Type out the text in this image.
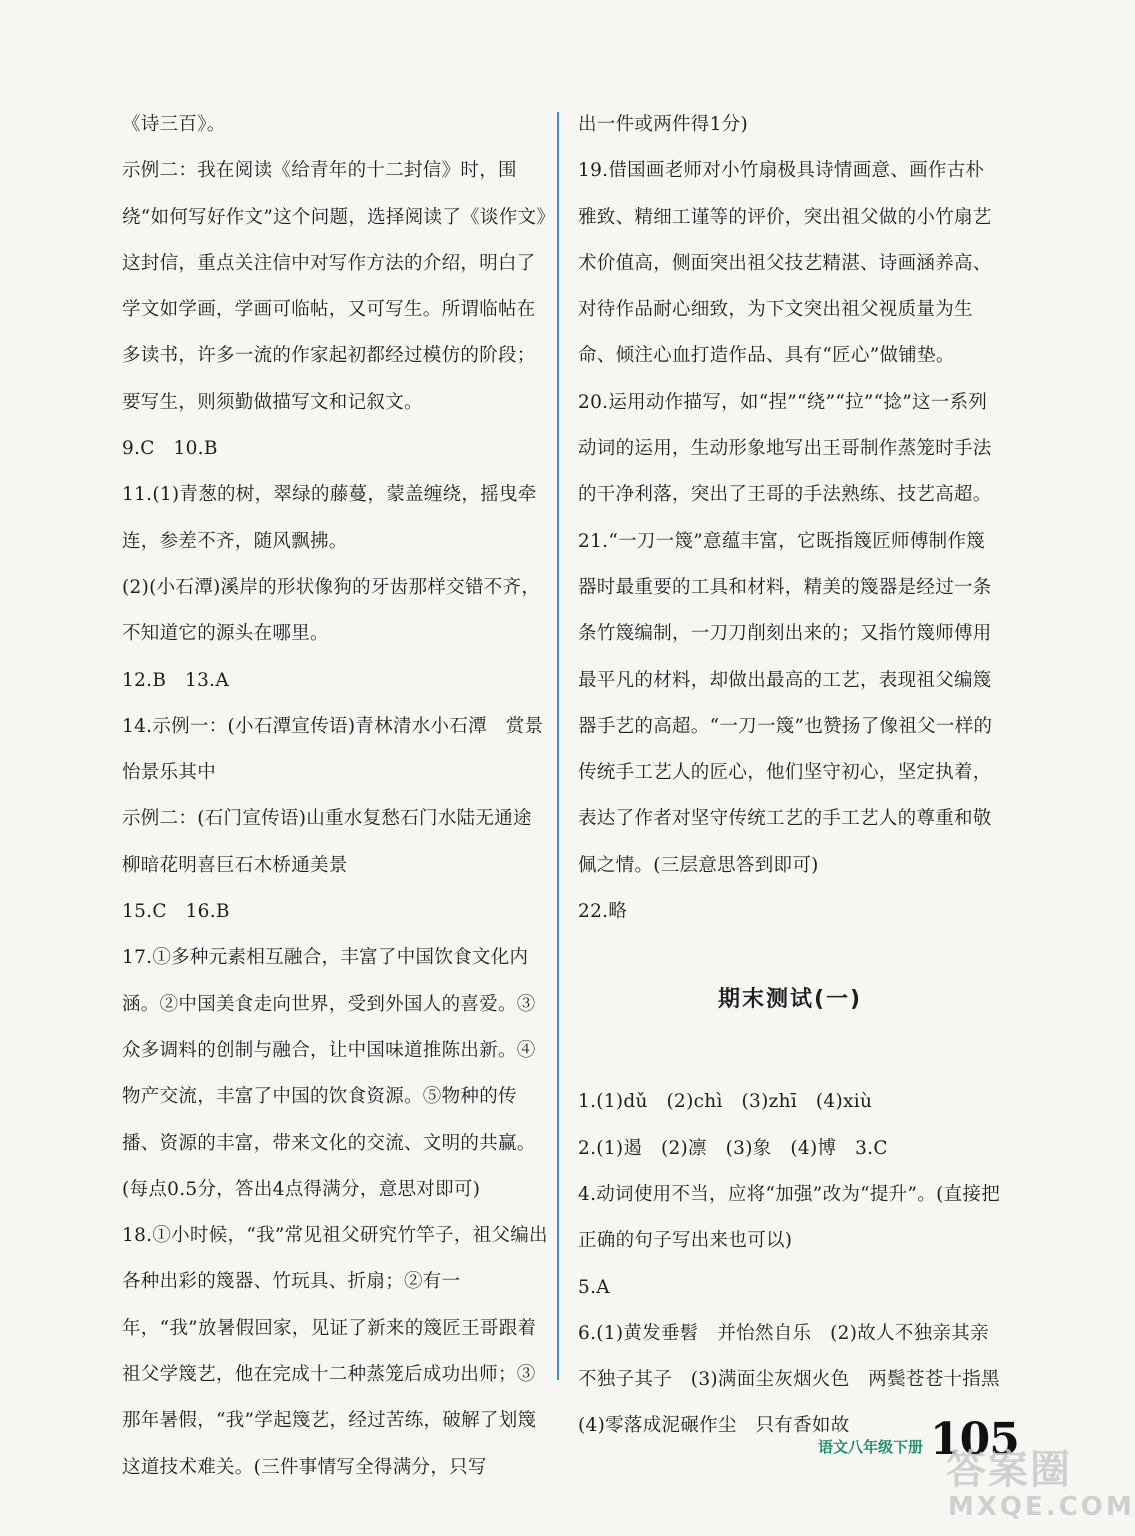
《诗三百》。

示例二：我在阅读《给青年的十二封信》时，围绕“如何写好作文”这个问题，选择阅读了《谈作文》这封信，重点关注信中对写作方法的介绍，明白了学文如学画，学画可临帖，又可写生。所谓临帖在多读书，许多一流的作家起初都经过模仿的阶段；要写生，则须勤做描写文和记叙文。

9.C　10.B

11.(1)青葱的树，翠绿的藤蔓，蒙盖缠绕，摇曳牵连，参差不齐，随风飘拂。

(2)(小石潭)溪岸的形状像狗的牙齿那样交错不齐，不知道它的源头在哪里。

12.B　13.A

14.示例一：(小石潭宣传语)青林清水小石潭　赏景怡景乐其中

示例二：(石门宣传语)山重水复愁石门水陆无通途　柳暗花明喜巨石木桥通美景

15.C　16.B

17.①多种元素相互融合，丰富了中国饮食文化内涵。②中国美食走向世界，受到外国人的喜爱。③众多调料的创制与融合，让中国味道推陈出新。④物产交流，丰富了中国的饮食资源。⑤物种的传播、资源的丰富，带来文化的交流、文明的共赢。(每点0.5分，答出4点得满分，意思对即可)

18.①小时候，“我”常见祖父研究竹竿子，祖父编出各种出彩的篾器、竹玩具、折扇；②有一年，“我”放暑假回家，见证了新来的篾匠王哥跟着祖父学篾艺，他在完成十二种蒸笼后成功出师；③那年暑假，“我”学起篾艺，经过苦练，破解了划篾这道技术难关。(三件事情写全得满分，只写

出一件或两件得1分)

19.借国画老师对小竹扇极具诗情画意、画作古朴雅致、精细工谨等的评价，突出祖父做的小竹扇艺术价值高，侧面突出祖父技艺精湛、诗画涵养高、对待作品耐心细致，为下文突出祖父视质量为生命、倾注心血打造作品、具有“匠心”做铺垫。

20.运用动作描写，如“捏”“绕”“拉”“捻”这一系列动词的运用，生动形象地写出王哥制作蒸笼时手法的干净利落，突出了王哥的手法熟练、技艺高超。

21.“一刀一篾”意蕴丰富，它既指篾匠师傅制作篾器时最重要的工具和材料，精美的篾器是经过一条条竹篾编制，一刀刀削刻出来的；又指竹篾师傅用最平凡的材料，却做出最高的工艺，表现祖父编篾器手艺的高超。“一刀一篾”也赞扬了像祖父一样的传统手工艺人的匠心，他们坚守初心，坚定执着，表达了作者对坚守传统工艺的手工艺人的尊重和敬佩之情。(三层意思答到即可)

22.略

期末测试(一)

1.(1)dǔ　(2)chì　(3)zhī　(4)xiù

2.(1)遏　(2)凛　(3)象　(4)博　3.C

4.动词使用不当，应将“加强”改为“提升”。(直接把正确的句子写出来也可以)

5.A

6.(1)黄发垂髫　并怡然自乐　(2)故人不独亲其亲　不独子其子　(3)满面尘灰烟火色　两鬓苍苍十指黑　(4)零落成泥碾作尘　只有香如故

语文八年级下册 105
答案圈
MXQE.COM
